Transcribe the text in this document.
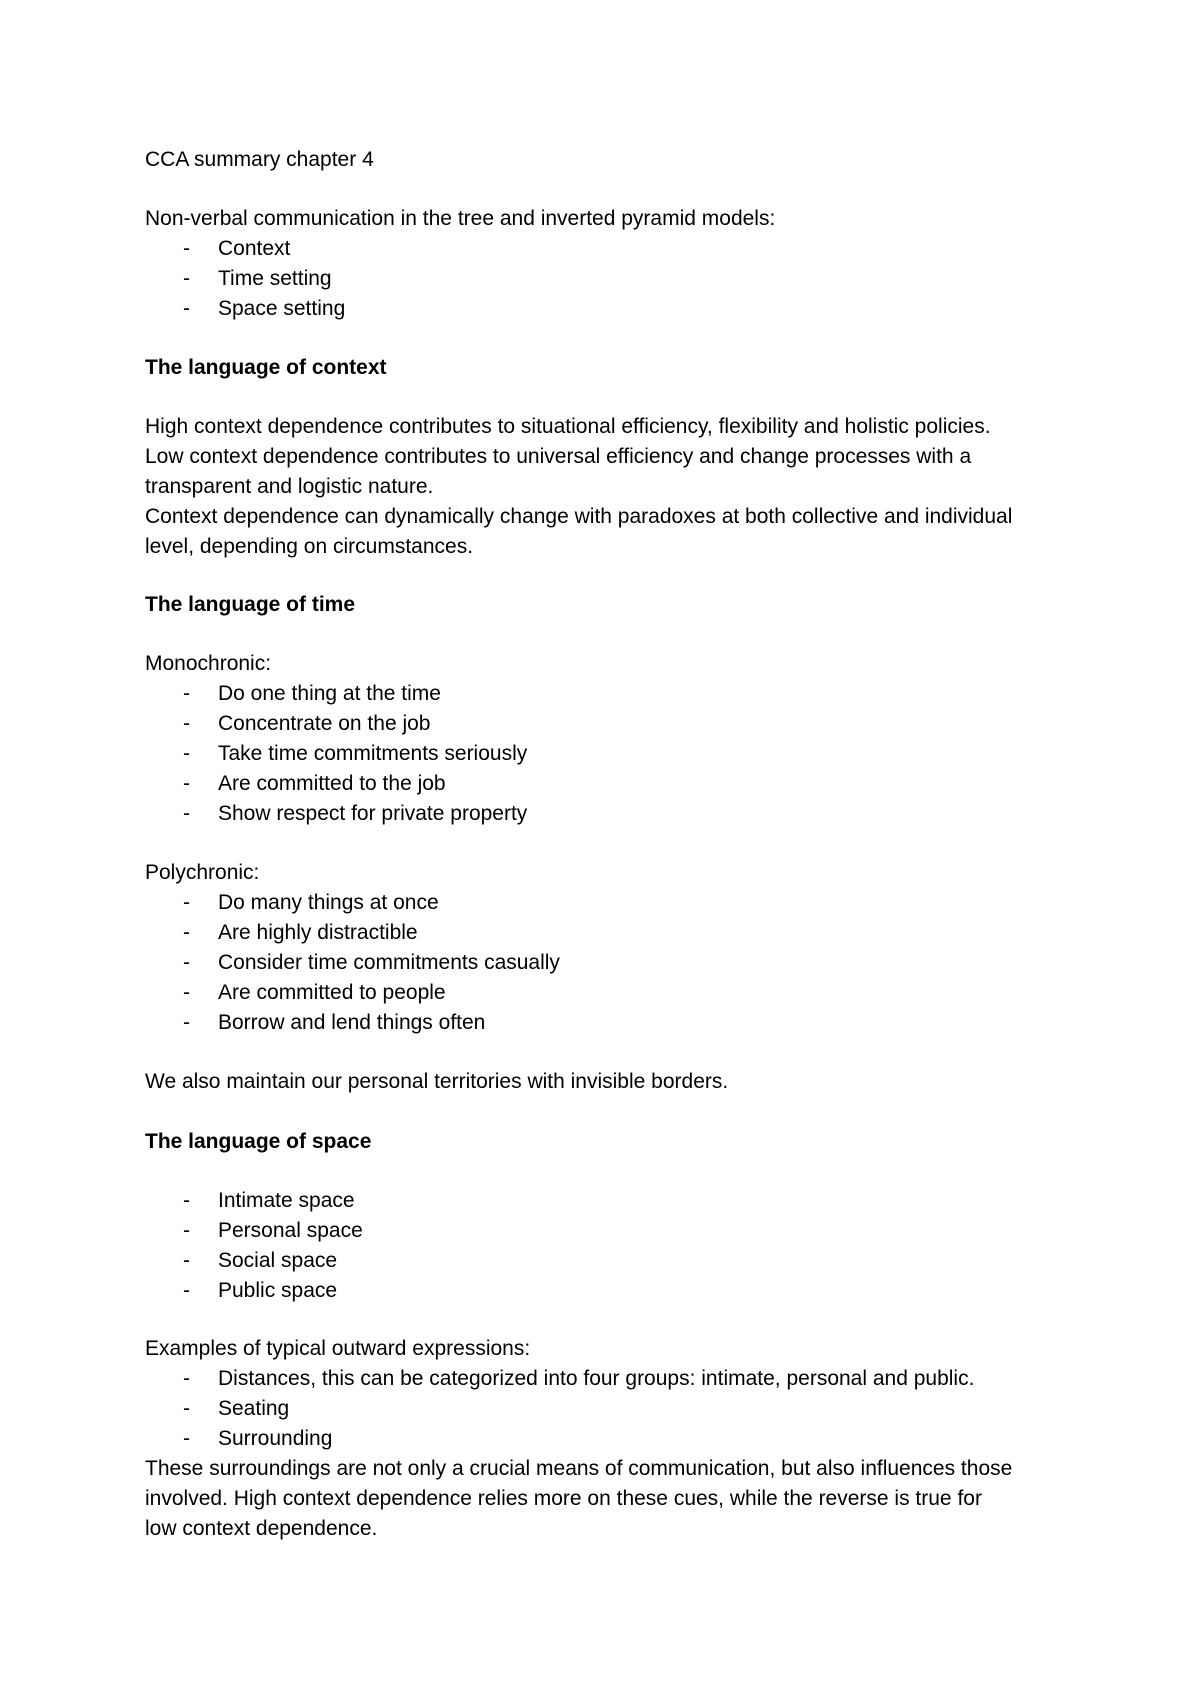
CCA summary chapter 4
Non-verbal communication in the tree and inverted pyramid models:
- Context
- Time setting
- Space setting
The language of context
High context dependence contributes to situational efficiency, flexibility and holistic policies.
Low context dependence contributes to universal efficiency and change processes with a
transparent and logistic nature.
Context dependence can dynamically change with paradoxes at both collective and individual
level, depending on circumstances.
The language of time
Monochronic:
- Do one thing at the time
- Concentrate on the job
- Take time commitments seriously
- Are committed to the job
- Show respect for private property
Polychronic:
- Do many things at once
- Are highly distractible
- Consider time commitments casually
- Are committed to people
- Borrow and lend things often
We also maintain our personal territories with invisible borders.
The language of space
- Intimate space
- Personal space
- Social space
- Public space
Examples of typical outward expressions:
- Distances, this can be categorized into four groups: intimate, personal and public.
- Seating
- Surrounding
These surroundings are not only a crucial means of communication, but also influences those
involved. High context dependence relies more on these cues, while the reverse is true for
low context dependence.
